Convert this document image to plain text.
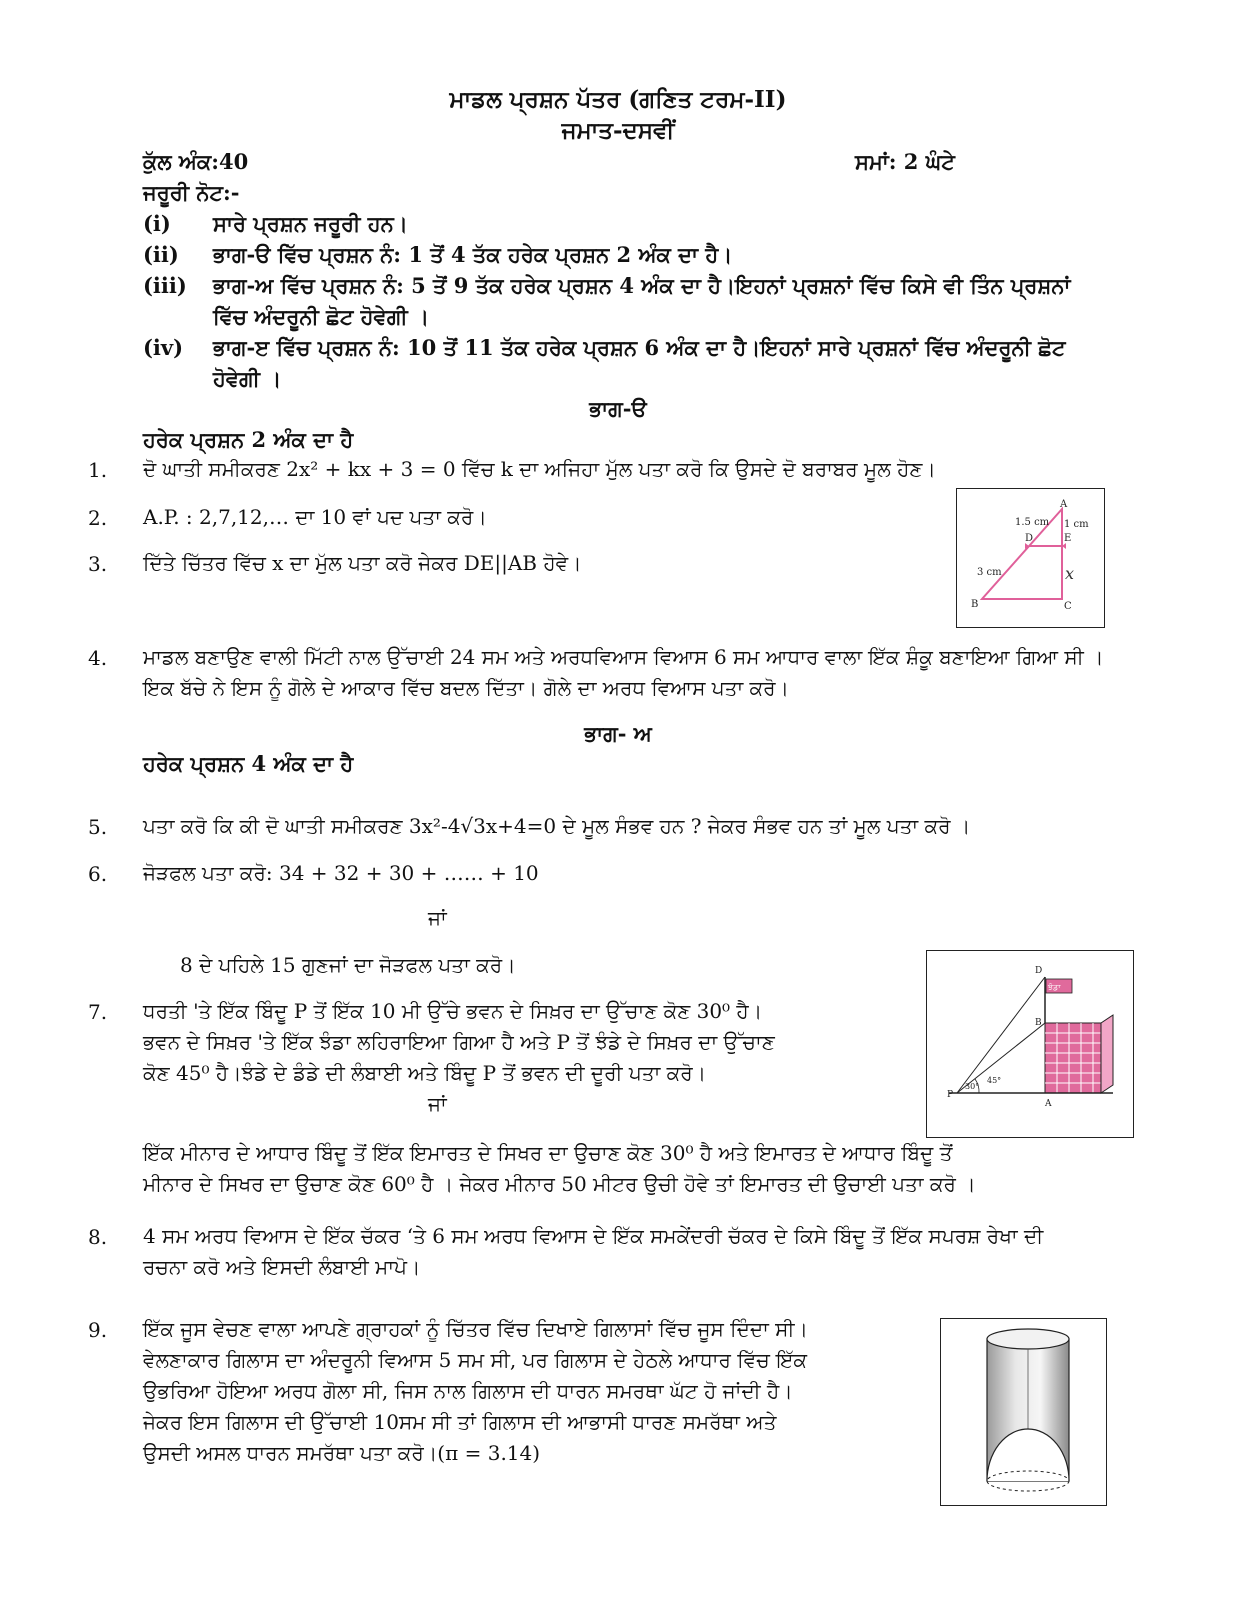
ਮਾਡਲ ਪ੍ਰਸ਼ਨ ਪੱਤਰ (ਗਣਿਤ ਟਰਮ-II)
ਜਮਾਤ-ਦਸਵੀਂ
ਕੁੱਲ ਅੰਕ:40	ਸਮਾਂ: 2 ਘੰਟੇ
ਜਰੂਰੀ ਨੋਟ:-
(i) ਸਾਰੇ ਪ੍ਰਸ਼ਨ ਜਰੂਰੀ ਹਨ।
(ii) ਭਾਗ-ੳ ਵਿੱਚ ਪ੍ਰਸ਼ਨ ਨੰ: 1 ਤੋਂ 4 ਤੱਕ ਹਰੇਕ ਪ੍ਰਸ਼ਨ 2 ਅੰਕ ਦਾ ਹੈ।
(iii) ਭਾਗ-ਅ ਵਿੱਚ ਪ੍ਰਸ਼ਨ ਨੰ: 5 ਤੋਂ 9 ਤੱਕ ਹਰੇਕ ਪ੍ਰਸ਼ਨ 4 ਅੰਕ ਦਾ ਹੈ।ਇਹਨਾਂ ਪ੍ਰਸ਼ਨਾਂ ਵਿੱਚ ਕਿਸੇ ਵੀ ਤਿੰਨ ਪ੍ਰਸ਼ਨਾਂ ਵਿੱਚ ਅੰਦਰੂਨੀ ਛੋਟ ਹੋਵੇਗੀ ।
(iv) ਭਾਗ-ੲ ਵਿੱਚ ਪ੍ਰਸ਼ਨ ਨੰ: 10 ਤੋਂ 11 ਤੱਕ ਹਰੇਕ ਪ੍ਰਸ਼ਨ 6 ਅੰਕ ਦਾ ਹੈ।ਇਹਨਾਂ ਸਾਰੇ ਪ੍ਰਸ਼ਨਾਂ ਵਿੱਚ ਅੰਦਰੂਨੀ ਛੋਟ ਹੋਵੇਗੀ ।
ਭਾਗ-ੳ
ਹਰੇਕ ਪ੍ਰਸ਼ਨ 2 ਅੰਕ ਦਾ ਹੈ
1. ਦੋ ਘਾਤੀ ਸਮੀਕਰਣ 2x² + kx + 3 = 0 ਵਿੱਚ k ਦਾ ਅਜਿਹਾ ਮੁੱਲ ਪਤਾ ਕਰੋ ਕਿ ਉਸਦੇ ਦੋ ਬਰਾਬਰ ਮੂਲ ਹੋਣ।
2. A.P. : 2,7,12,… ਦਾ 10 ਵਾਂ ਪਦ ਪਤਾ ਕਰੋ।
3. ਦਿੱਤੇ ਚਿੱਤਰ ਵਿੱਚ x ਦਾ ਮੁੱਲ ਪਤਾ ਕਰੋ ਜੇਕਰ DE||AB ਹੋਵੇ।
A
B	C
D	E
1.5 cm 1 cm
3 cm	x
4. ਮਾਡਲ ਬਣਾਉਣ ਵਾਲੀ ਮਿੱਟੀ ਨਾਲ ਉੱਚਾਈ 24 ਸਮ ਅਤੇ ਅਰਧਵਿਆਸ ਵਿਆਸ 6 ਸਮ ਆਧਾਰ ਵਾਲਾ ਇੱਕ ਸ਼ੰਕੂ ਬਣਾਇਆ ਗਿਆ ਸੀ । ਇਕ ਬੱਚੇ ਨੇ ਇਸ ਨੂੰ ਗੋਲੇ ਦੇ ਆਕਾਰ ਵਿੱਚ ਬਦਲ ਦਿੱਤਾ। ਗੋਲੇ ਦਾ ਅਰਧ ਵਿਆਸ ਪਤਾ ਕਰੋ।
ਭਾਗ- ਅ
ਹਰੇਕ ਪ੍ਰਸ਼ਨ 4 ਅੰਕ ਦਾ ਹੈ
5. ਪਤਾ ਕਰੋ ਕਿ ਕੀ ਦੋ ਘਾਤੀ ਸਮੀਕਰਣ 3x²-4√3x+4=0 ਦੇ ਮੂਲ ਸੰਭਵ ਹਨ ? ਜੇਕਰ ਸੰਭਵ ਹਨ ਤਾਂ ਮੂਲ ਪਤਾ ਕਰੋ ।
6. ਜੋੜਫਲ ਪਤਾ ਕਰੋ: 34 + 32 + 30 + …… + 10
ਜਾਂ
8 ਦੇ ਪਹਿਲੇ 15 ਗੁਣਜਾਂ ਦਾ ਜੋੜਫਲ ਪਤਾ ਕਰੋ।
7. ਧਰਤੀ 'ਤੇ ਇੱਕ ਬਿੰਦੂ P ਤੋਂ ਇੱਕ 10 ਮੀ ਉੱਚੇ ਭਵਨ ਦੇ ਸਿਖ਼ਰ ਦਾ ਉੱਚਾਣ ਕੋਣ 30⁰ ਹੈ।
ਭਵਨ ਦੇ ਸਿਖ਼ਰ 'ਤੇ ਇੱਕ ਝੰਡਾ ਲਹਿਰਾਇਆ ਗਿਆ ਹੈ ਅਤੇ P ਤੋਂ ਝੰਡੇ ਦੇ ਸਿਖ਼ਰ ਦਾ ਉੱਚਾਣ
ਕੋਣ 45⁰ ਹੈ।ਝੰਡੇ ਦੇ ਡੰਡੇ ਦੀ ਲੰਬਾਈ ਅਤੇ ਬਿੰਦੂ P ਤੋਂ ਭਵਨ ਦੀ ਦੂਰੀ ਪਤਾ ਕਰੋ।
ਜਾਂ
ਝੰਡਾ
D
B
P
A
30°
45°
ਇੱਕ ਮੀਨਾਰ ਦੇ ਆਧਾਰ ਬਿੰਦੂ ਤੋਂ ਇੱਕ ਇਮਾਰਤ ਦੇ ਸਿਖਰ ਦਾ ਉਚਾਣ ਕੋਣ 30⁰ ਹੈ ਅਤੇ ਇਮਾਰਤ ਦੇ ਆਧਾਰ ਬਿੰਦੂ ਤੋਂ
ਮੀਨਾਰ ਦੇ ਸਿਖਰ ਦਾ ਉਚਾਣ ਕੋਣ 60⁰ ਹੈ । ਜੇਕਰ ਮੀਨਾਰ 50 ਮੀਟਰ ਉਚੀ ਹੋਵੇ ਤਾਂ ਇਮਾਰਤ ਦੀ ਉਚਾਈ ਪਤਾ ਕਰੋ ।
8. 4 ਸਮ ਅਰਧ ਵਿਆਸ ਦੇ ਇੱਕ ਚੱਕਰ ‘ਤੇ 6 ਸਮ ਅਰਧ ਵਿਆਸ ਦੇ ਇੱਕ ਸਮਕੇਂਦਰੀ ਚੱਕਰ ਦੇ ਕਿਸੇ ਬਿੰਦੂ ਤੋਂ ਇੱਕ ਸਪਰਸ਼ ਰੇਖਾ ਦੀ ਰਚਨਾ ਕਰੋ ਅਤੇ ਇਸਦੀ ਲੰਬਾਈ ਮਾਪੋ।
9. ਇੱਕ ਜੂਸ ਵੇਚਣ ਵਾਲਾ ਆਪਣੇ ਗ੍ਰਾਹਕਾਂ ਨੂੰ ਚਿੱਤਰ ਵਿੱਚ ਦਿਖਾਏ ਗਿਲਾਸਾਂ ਵਿੱਚ ਜੂਸ ਦਿੰਦਾ ਸੀ।
ਵੇਲਣਾਕਾਰ ਗਿਲਾਸ ਦਾ ਅੰਦਰੂਨੀ ਵਿਆਸ 5 ਸਮ ਸੀ, ਪਰ ਗਿਲਾਸ ਦੇ ਹੇਠਲੇ ਆਧਾਰ ਵਿੱਚ ਇੱਕ
ਉਭਰਿਆ ਹੋਇਆ ਅਰਧ ਗੋਲਾ ਸੀ, ਜਿਸ ਨਾਲ ਗਿਲਾਸ ਦੀ ਧਾਰਨ ਸਮਰਥਾ ਘੱਟ ਹੋ ਜਾਂਦੀ ਹੈ।
ਜੇਕਰ ਇਸ ਗਿਲਾਸ ਦੀ ਉੱਚਾਈ 10ਸਮ ਸੀ ਤਾਂ ਗਿਲਾਸ ਦੀ ਆਭਾਸੀ ਧਾਰਣ ਸਮਰੱਥਾ ਅਤੇ
ਉਸਦੀ ਅਸਲ ਧਾਰਨ ਸਮਰੱਥਾ ਪਤਾ ਕਰੋ।(π = 3.14)
